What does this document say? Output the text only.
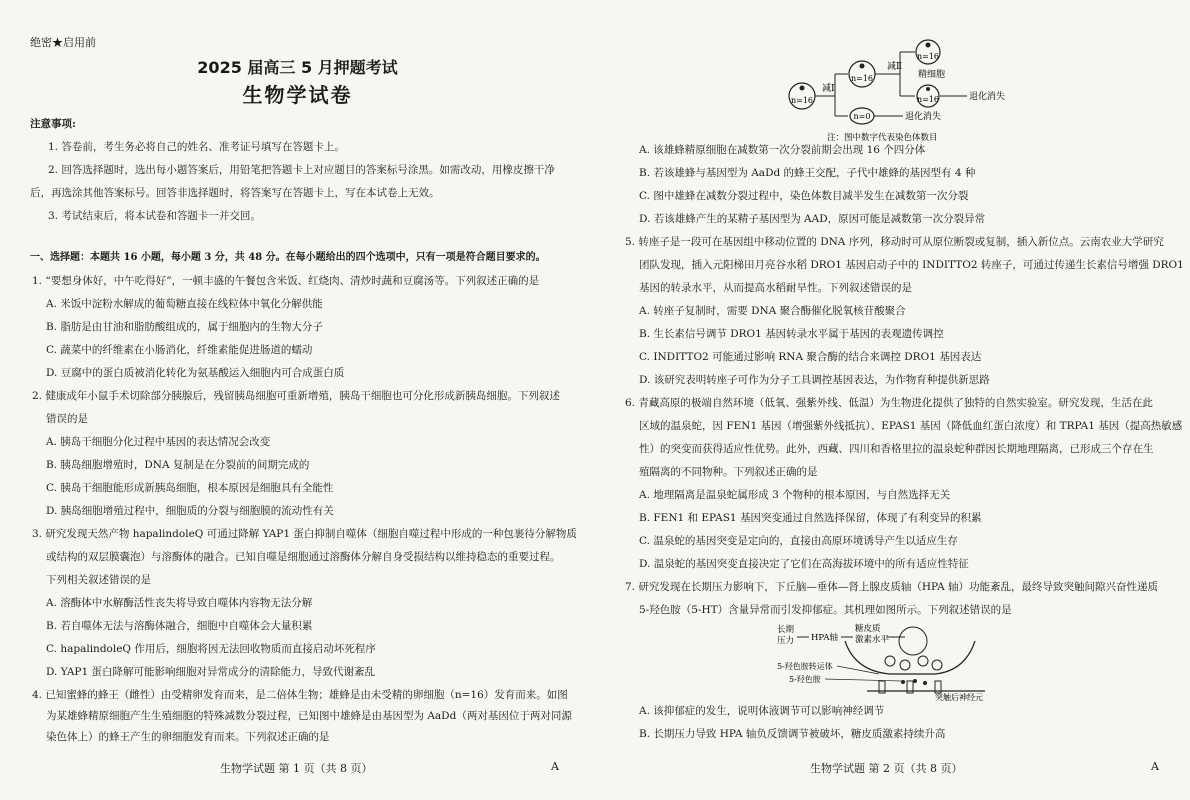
绝密★启用前
2025 届高三 5 月押题考试
生物学试卷
注意事项:
1. 答卷前，考生务必将自己的姓名、准考证号填写在答题卡上。
2. 回答选择题时，选出每小题答案后，用铅笔把答题卡上对应题目的答案标号涂黑。如需改动，用橡皮擦干净
后，再选涂其他答案标号。回答非选择题时，将答案写在答题卡上，写在本试卷上无效。
3. 考试结束后，将本试卷和答题卡一并交回。
一、选择题：本题共 16 小题，每小题 3 分，共 48 分。在每小题给出的四个选项中，只有一项是符合题目要求的。
1. “要想身体好，中午吃得好”，一顿丰盛的午餐包含米饭、红烧肉、清炒时蔬和豆腐汤等。下列叙述正确的是
A. 米饭中淀粉水解成的葡萄糖直接在线粒体中氧化分解供能
B. 脂肪是由甘油和脂肪酸组成的，属于细胞内的生物大分子
C. 蔬菜中的纤维素在小肠消化，纤维素能促进肠道的蠕动
D. 豆腐中的蛋白质被消化转化为氨基酸运入细胞内可合成蛋白质
2. 健康成年小鼠手术切除部分胰腺后，残留胰岛细胞可重新增殖，胰岛干细胞也可分化形成新胰岛细胞。下列叙述
错误的是
A. 胰岛干细胞分化过程中基因的表达情况会改变
B. 胰岛细胞增殖时，DNA 复制是在分裂前的间期完成的
C. 胰岛干细胞能形成新胰岛细胞，根本原因是细胞具有全能性
D. 胰岛细胞增殖过程中，细胞质的分裂与细胞膜的流动性有关
3. 研究发现天然产物 hapalindoleQ 可通过降解 YAP1 蛋白抑制自噬体（细胞自噬过程中形成的一种包裹待分解物质
或结构的双层膜囊泡）与溶酶体的融合。已知自噬是细胞通过溶酶体分解自身受损结构以维持稳态的重要过程。
下列相关叙述错误的是
A. 溶酶体中水解酶活性丧失将导致自噬体内容物无法分解
B. 若自噬体无法与溶酶体融合，细胞中自噬体会大量积累
C. hapalindoleQ 作用后，细胞将因无法回收物质而直接启动坏死程序
D. YAP1 蛋白降解可能影响细胞对异常成分的清除能力，导致代谢紊乱
4. 已知蜜蜂的蜂王（雌性）由受精卵发育而来，是二倍体生物；雄蜂是由未受精的卵细胞（n=16）发育而来。如图
为某雄蜂精原细胞产生生殖细胞的特殊减数分裂过程，已知图中雄蜂是由基因型为 AaDd（两对基因位于两对同源
染色体上）的蜂王产生的卵细胞发育而来。下列叙述正确的是
生物学试题 第 1 页（共 8 页）	A
n=16
减Ⅰ
n=16
n=0	退化消失
减Ⅱ
n=16
精细胞
n=16	退化消失
注：图中数字代表染色体数目
A. 该雄蜂精原细胞在减数第一次分裂前期会出现 16 个四分体
B. 若该雄蜂与基因型为 AaDd 的蜂王交配，子代中雄蜂的基因型有 4 种
C. 图中雄蜂在减数分裂过程中，染色体数目减半发生在减数第一次分裂
D. 若该雄蜂产生的某精子基因型为 AAD，原因可能是减数第一次分裂异常
5. 转座子是一段可在基因组中移动位置的 DNA 序列，移动时可从原位断裂或复制，插入新位点。云南农业大学研究
团队发现，插入元阳梯田月亮谷水稻 DRO1 基因启动子中的 INDITTO2 转座子，可通过传递生长素信号增强 DRO1
基因的转录水平，从而提高水稻耐旱性。下列叙述错误的是
A. 转座子复制时，需要 DNA 聚合酶催化脱氧核苷酸聚合
B. 生长素信号调节 DRO1 基因转录水平属于基因的表观遗传调控
C. INDITTO2 可能通过影响 RNA 聚合酶的结合来调控 DRO1 基因表达
D. 该研究表明转座子可作为分子工具调控基因表达，为作物育种提供新思路
6. 青藏高原的极端自然环境（低氧、强紫外线、低温）为生物进化提供了独特的自然实验室。研究发现，生活在此
区域的温泉蛇，因 FEN1 基因（增强紫外线抵抗）、EPAS1 基因（降低血红蛋白浓度）和 TRPA1 基因（提高热敏感
性）的突变而获得适应性优势。此外，西藏、四川和香格里拉的温泉蛇种群因长期地理隔离，已形成三个存在生
殖隔离的不同物种。下列叙述正确的是
A. 地理隔离是温泉蛇属形成 3 个物种的根本原因，与自然选择无关
B. FEN1 和 EPAS1 基因突变通过自然选择保留，体现了有利变异的积累
C. 温泉蛇的基因突变是定向的，直接由高原环境诱导产生以适应生存
D. 温泉蛇的基因突变直接决定了它们在高海拔环境中的所有适应性特征
7. 研究发现在长期压力影响下，下丘脑—垂体—肾上腺皮质轴（HPA 轴）功能紊乱，最终导致突触间隙兴奋性递质
5-羟色胺（5-HT）含量异常而引发抑郁症。其机理如图所示。下列叙述错误的是
长期
压力 HPA轴
糖皮质
激素水平
5-羟色胺转运体
5-羟色胺
突触后神经元
A. 该抑郁症的发生，说明体液调节可以影响神经调节
B. 长期压力导致 HPA 轴负反馈调节被破坏，糖皮质激素持续升高
生物学试题 第 2 页（共 8 页）	A
